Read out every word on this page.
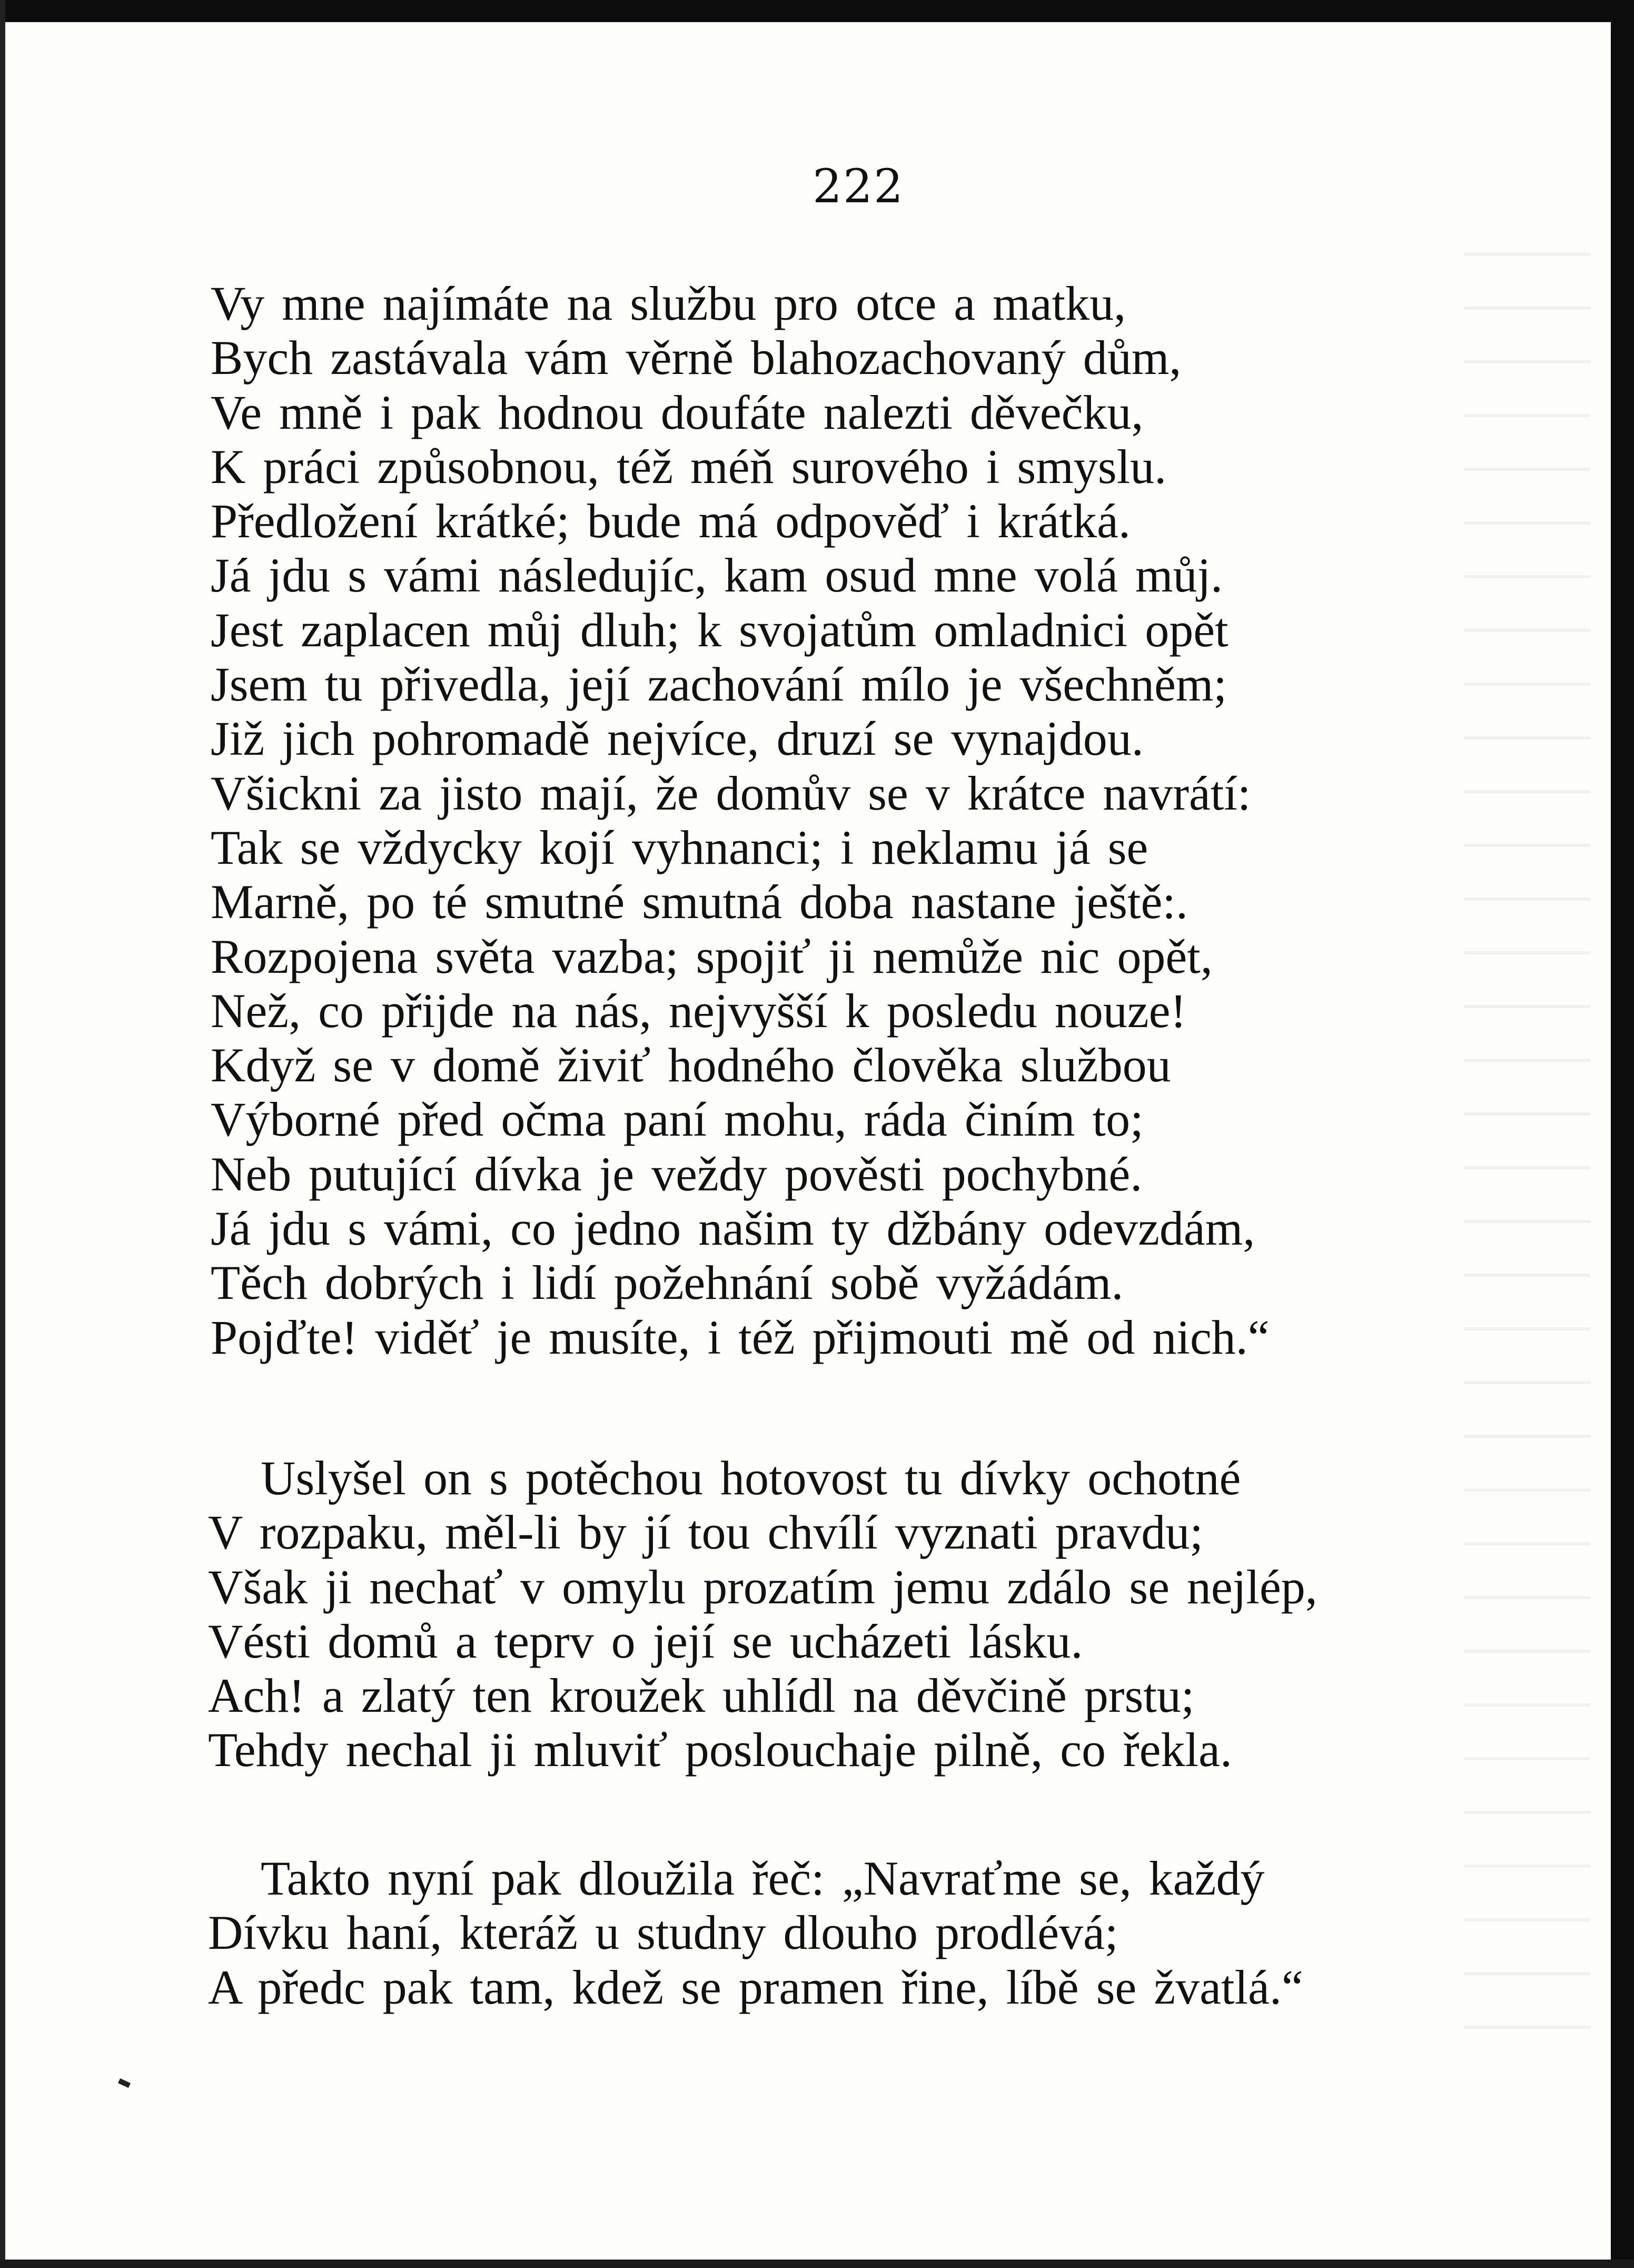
222
Vy mne najímáte na službu pro otce a matku,
Bych zastávala vám věrně blahozachovaný dům,
Ve mně i pak hodnou doufáte nalezti děvečku,
K práci způsobnou, též méň surového i smyslu.
Předložení krátké; bude má odpověď i krátká.
Já jdu s vámi následujíc, kam osud mne volá můj.
Jest zaplacen můj dluh; k svojatům omladnici opět
Jsem tu přivedla, její zachování mílo je všechněm;
Již jich pohromadě nejvíce, druzí se vynajdou.
Všickni za jisto mají, že domův se v krátce navrátí:
Tak se vždycky kojí vyhnanci; i neklamu já se
Marně, po té smutné smutná doba nastane ještě:.
Rozpojena světa vazba; spojiť ji nemůže nic opět,
Než, co přijde na nás, nejvyšší k posledu nouze!
Když se v domě živiť hodného člověka službou
Výborné před očma paní mohu, ráda činím to;
Neb putující dívka je veždy pověsti pochybné.
Já jdu s vámi, co jedno našim ty džbány odevzdám,
Těch dobrých i lidí požehnání sobě vyžádám.
Pojďte! viděť je musíte, i též přijmouti mě od nich.“
Uslyšel on s potěchou hotovost tu dívky ochotné
V rozpaku, měl-li by jí tou chvílí vyznati pravdu;
Však ji nechať v omylu prozatím jemu zdálo se nejlép,
Vésti domů a teprv o její se ucházeti lásku.
Ach! a zlatý ten kroužek uhlídl na děvčině prstu;
Tehdy nechal ji mluviť poslouchaje pilně, co řekla.
Takto nyní pak dloužila řeč: „Navraťme se, každý
Dívku haní, kteráž u studny dlouho prodlévá;
A předc pak tam, kdež se pramen řine, líbě se žvatlá.“
